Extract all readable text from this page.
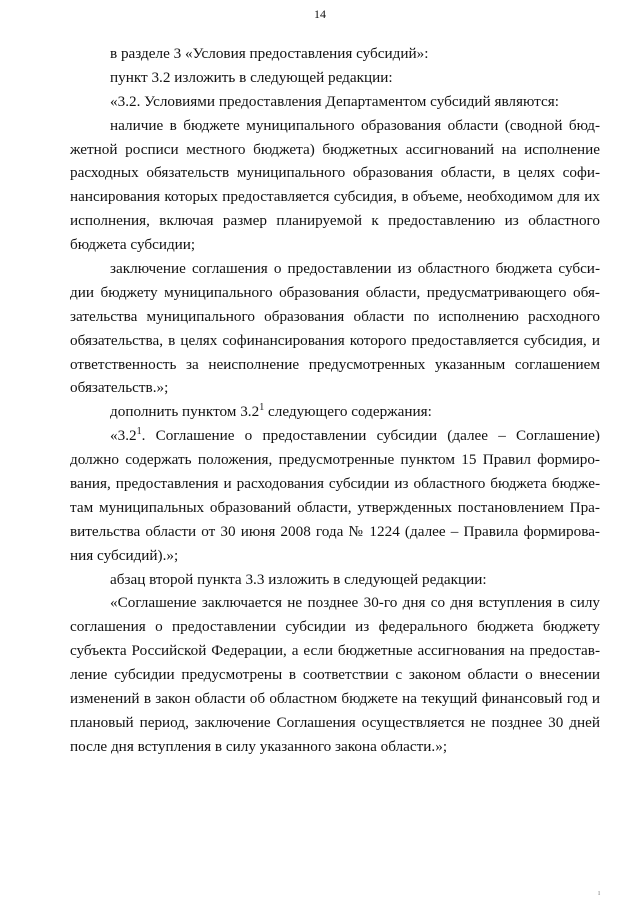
14
в разделе 3 «Условия предоставления субсидий»:
пункт 3.2 изложить в следующей редакции:
«3.2. Условиями предоставления Департаментом субсидий являются:
наличие в бюджете муниципального образования области (сводной бюд-
жетной росписи местного бюджета) бюджетных ассигнований на исполнение
расходных обязательств муниципального образования области, в целях софи-
нансирования которых предоставляется субсидия, в объеме, необходимом для их
исполнения, включая размер планируемой к предоставлению из областного
бюджета субсидии;
заключение соглашения о предоставлении из областного бюджета субси-
дии бюджету муниципального образования области, предусматривающего обя-
зательства муниципального образования области по исполнению расходного
обязательства, в целях софинансирования которого предоставляется субсидия, и
ответственность за неисполнение предусмотренных указанным соглашением
обязательств.»;
дополнить пунктом $3.2^1$ следующего содержания:
«$3.2^1$. Соглашение о предоставлении субсидии (далее – Соглашение)
должно содержать положения, предусмотренные пунктом 15 Правил формиро-
вания, предоставления и расходования субсидии из областного бюджета бюдже-
там муниципальных образований области, утвержденных постановлением Пра-
вительства области от 30 июня 2008 года № 1224 (далее – Правила формирова-
ния субсидий).»;
абзац второй пункта 3.3 изложить в следующей редакции:
«Соглашение заключается не позднее 30-го дня со дня вступления в силу
соглашения о предоставлении субсидии из федерального бюджета бюджету
субъекта Российской Федерации, а если бюджетные ассигнования на предостав-
ление субсидии предусмотрены в соответствии с законом области о внесении
изменений в закон области об областном бюджете на текущий финансовый год и
плановый период, заключение Соглашения осуществляется не позднее 30 дней
после дня вступления в силу указанного закона области.»;
ı
